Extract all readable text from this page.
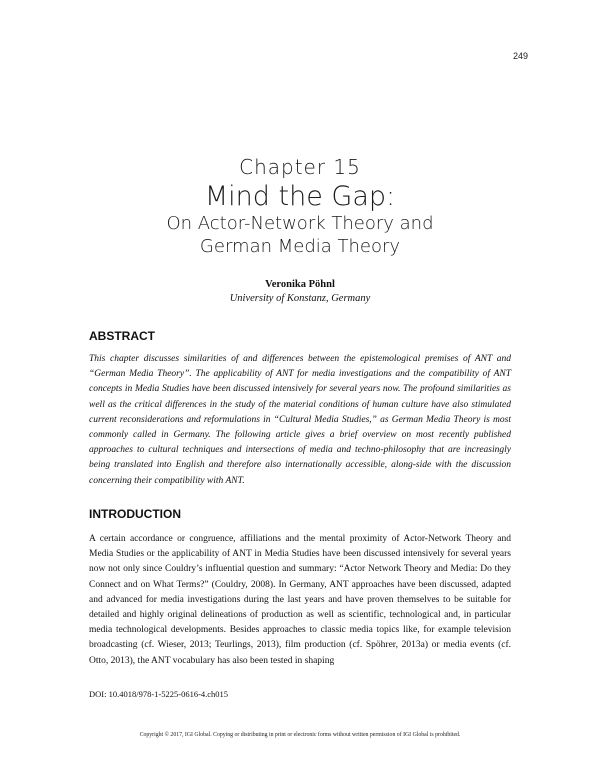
249
Chapter 15
Mind the Gap:
On Actor-Network Theory and
German Media Theory
Veronika Pöhnl
University of Konstanz, Germany
ABSTRACT
This chapter discusses similarities of and differences between the epistemological premises of ANT and “German Media Theory”. The applicability of ANT for media investigations and the compatibility of ANT concepts in Media Studies have been discussed intensively for several years now. The profound similarities as well as the critical differences in the study of the material conditions of human culture have also stimulated current reconsiderations and reformulations in “Cultural Media Studies,” as German Media Theory is most commonly called in Germany. The following article gives a brief overview on most recently published approaches to cultural techniques and intersections of media and techno-philosophy that are increasingly being translated into English and therefore also internationally accessible, along-side with the discussion concerning their compatibility with ANT.
INTRODUCTION
A certain accordance or congruence, affiliations and the mental proximity of Actor-Network Theory and Media Studies or the applicability of ANT in Media Studies have been discussed intensively for several years now not only since Couldry’s influential question and summary: “Actor Network Theory and Media: Do they Connect and on What Terms?” (Couldry, 2008). In Germany, ANT approaches have been discussed, adapted and advanced for media investigations during the last years and have proven themselves to be suitable for detailed and highly original delineations of production as well as scientific, technological and, in particular media technological developments. Besides approaches to classic media topics like, for example television broadcasting (cf. Wieser, 2013; Teurlings, 2013), film production (cf. Spöhrer, 2013a) or media events (cf. Otto, 2013), the ANT vocabulary has also been tested in shaping
DOI: 10.4018/978-1-5225-0616-4.ch015
Copyright © 2017, IGI Global. Copying or distributing in print or electronic forms without written permission of IGI Global is prohibited.
